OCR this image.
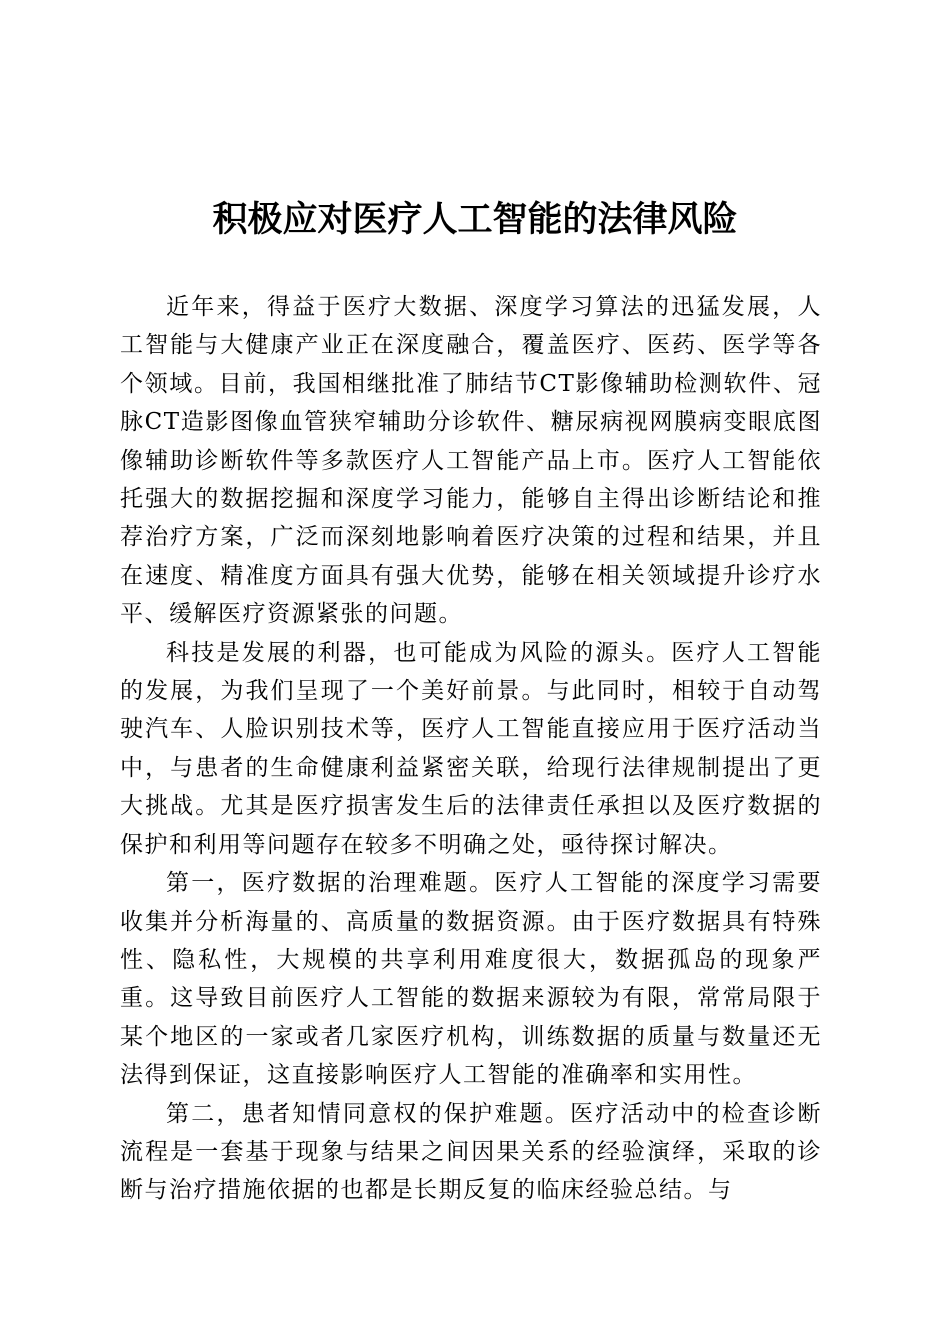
积极应对医疗人工智能的法律风险

近年来，得益于医疗大数据、深度学习算法的迅猛发展，人工智能与大健康产业正在深度融合，覆盖医疗、医药、医学等各个领域。目前，我国相继批准了肺结节CT影像辅助检测软件、冠脉CT造影图像血管狭窄辅助分诊软件、糖尿病视网膜病变眼底图像辅助诊断软件等多款医疗人工智能产品上市。医疗人工智能依托强大的数据挖掘和深度学习能力，能够自主得出诊断结论和推荐治疗方案，广泛而深刻地影响着医疗决策的过程和结果，并且在速度、精准度方面具有强大优势，能够在相关领域提升诊疗水平、缓解医疗资源紧张的问题。

科技是发展的利器，也可能成为风险的源头。医疗人工智能的发展，为我们呈现了一个美好前景。与此同时，相较于自动驾驶汽车、人脸识别技术等，医疗人工智能直接应用于医疗活动当中，与患者的生命健康利益紧密关联，给现行法律规制提出了更大挑战。尤其是医疗损害发生后的法律责任承担以及医疗数据的保护和利用等问题存在较多不明确之处，亟待探讨解决。

第一，医疗数据的治理难题。医疗人工智能的深度学习需要收集并分析海量的、高质量的数据资源。由于医疗数据具有特殊性、隐私性，大规模的共享利用难度很大，数据孤岛的现象严重。这导致目前医疗人工智能的数据来源较为有限，常常局限于某个地区的一家或者几家医疗机构，训练数据的质量与数量还无法得到保证，这直接影响医疗人工智能的准确率和实用性。

第二，患者知情同意权的保护难题。医疗活动中的检查诊断流程是一套基于现象与结果之间因果关系的经验演绎，采取的诊断与治疗措施依据的也都是长期反复的临床经验总结。与
